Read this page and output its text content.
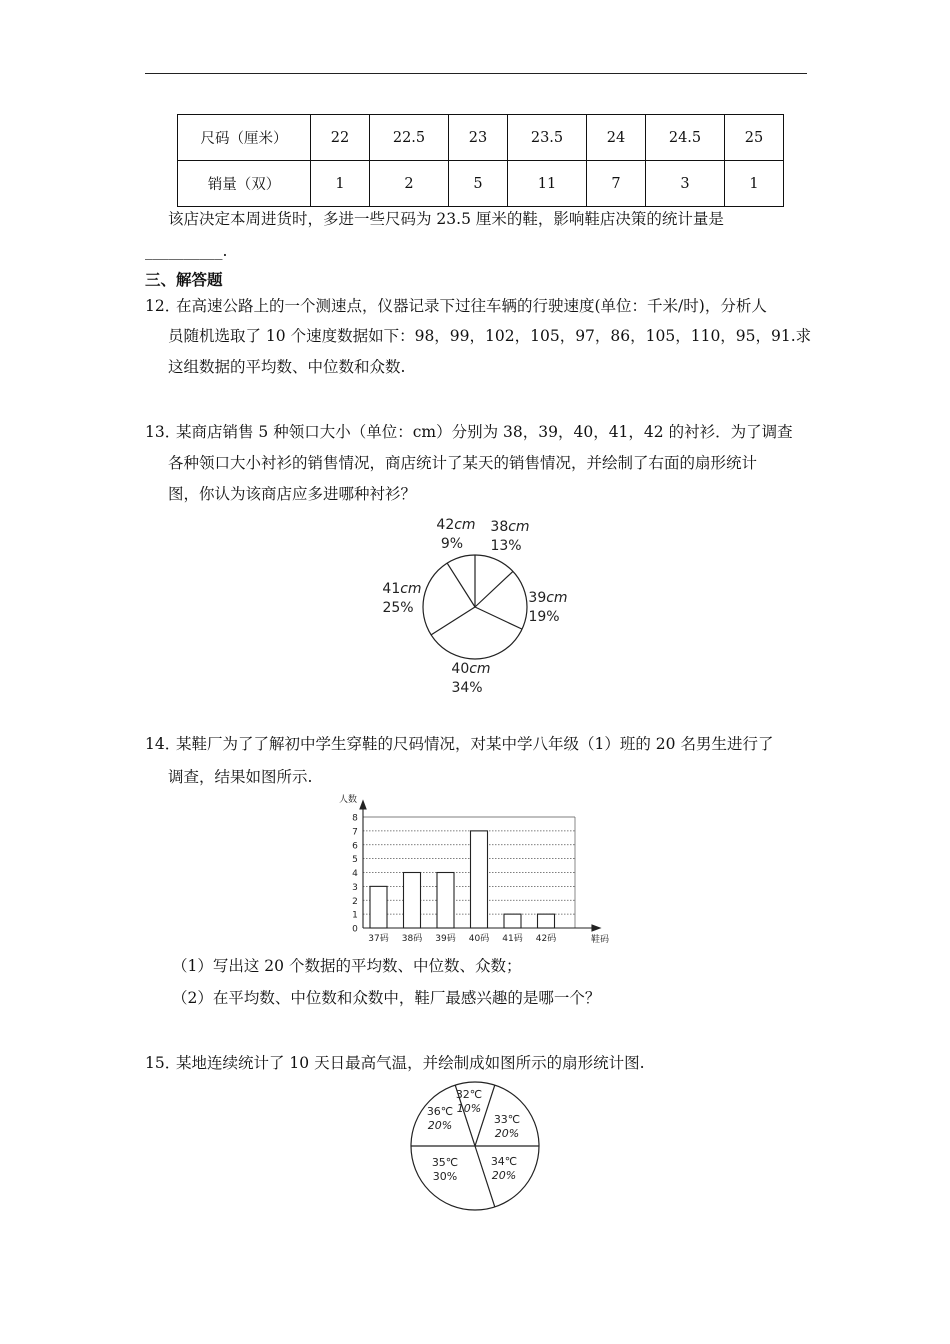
尺码（厘米）	22	22.5	23	23.5	24	24.5	25
销量（双）	1	2	5	11	7	3	1
该店决定本周进货时，多进一些尺码为 23.5 厘米的鞋，影响鞋店决策的统计量是
__________.
三、解答题
12．
在高速公路上的一个测速点，仪器记录下过往车辆的行驶速度(单位：千米/时)，分析人
员随机选取了 10 个速度数据如下：98，99，102，105，97，86，105，110，95，91.求
这组数据的平均数、中位数和众数.
13．
某商店销售 5 种领口大小（单位：cm）分别为 38，39，40，41，42 的衬衫．为了调查
各种领口大小衬衫的销售情况，商店统计了某天的销售情况，并绘制了右面的扇形统计
图，你认为该商店应多进哪种衬衫？
38cm
13%
39cm
19%
40cm
34%
41cm
25%
42cm
9%
14．
某鞋厂为了了解初中学生穿鞋的尺码情况，对某中学八年级（1）班的 20 名男生进行了
调查，结果如图所示.
0
1
2
3
4
5
6
7
8
人数
鞋码
37码 38码 39码 40码 41码 42码
（1）写出这 20 个数据的平均数、中位数、众数；
（2）在平均数、中位数和众数中，鞋厂最感兴趣的是哪一个？
15．
某地连续统计了 10 天日最高气温，并绘制成如图所示的扇形统计图.
32℃
10%
33℃
20%
34℃
20%
35℃
30%
36℃
20%
